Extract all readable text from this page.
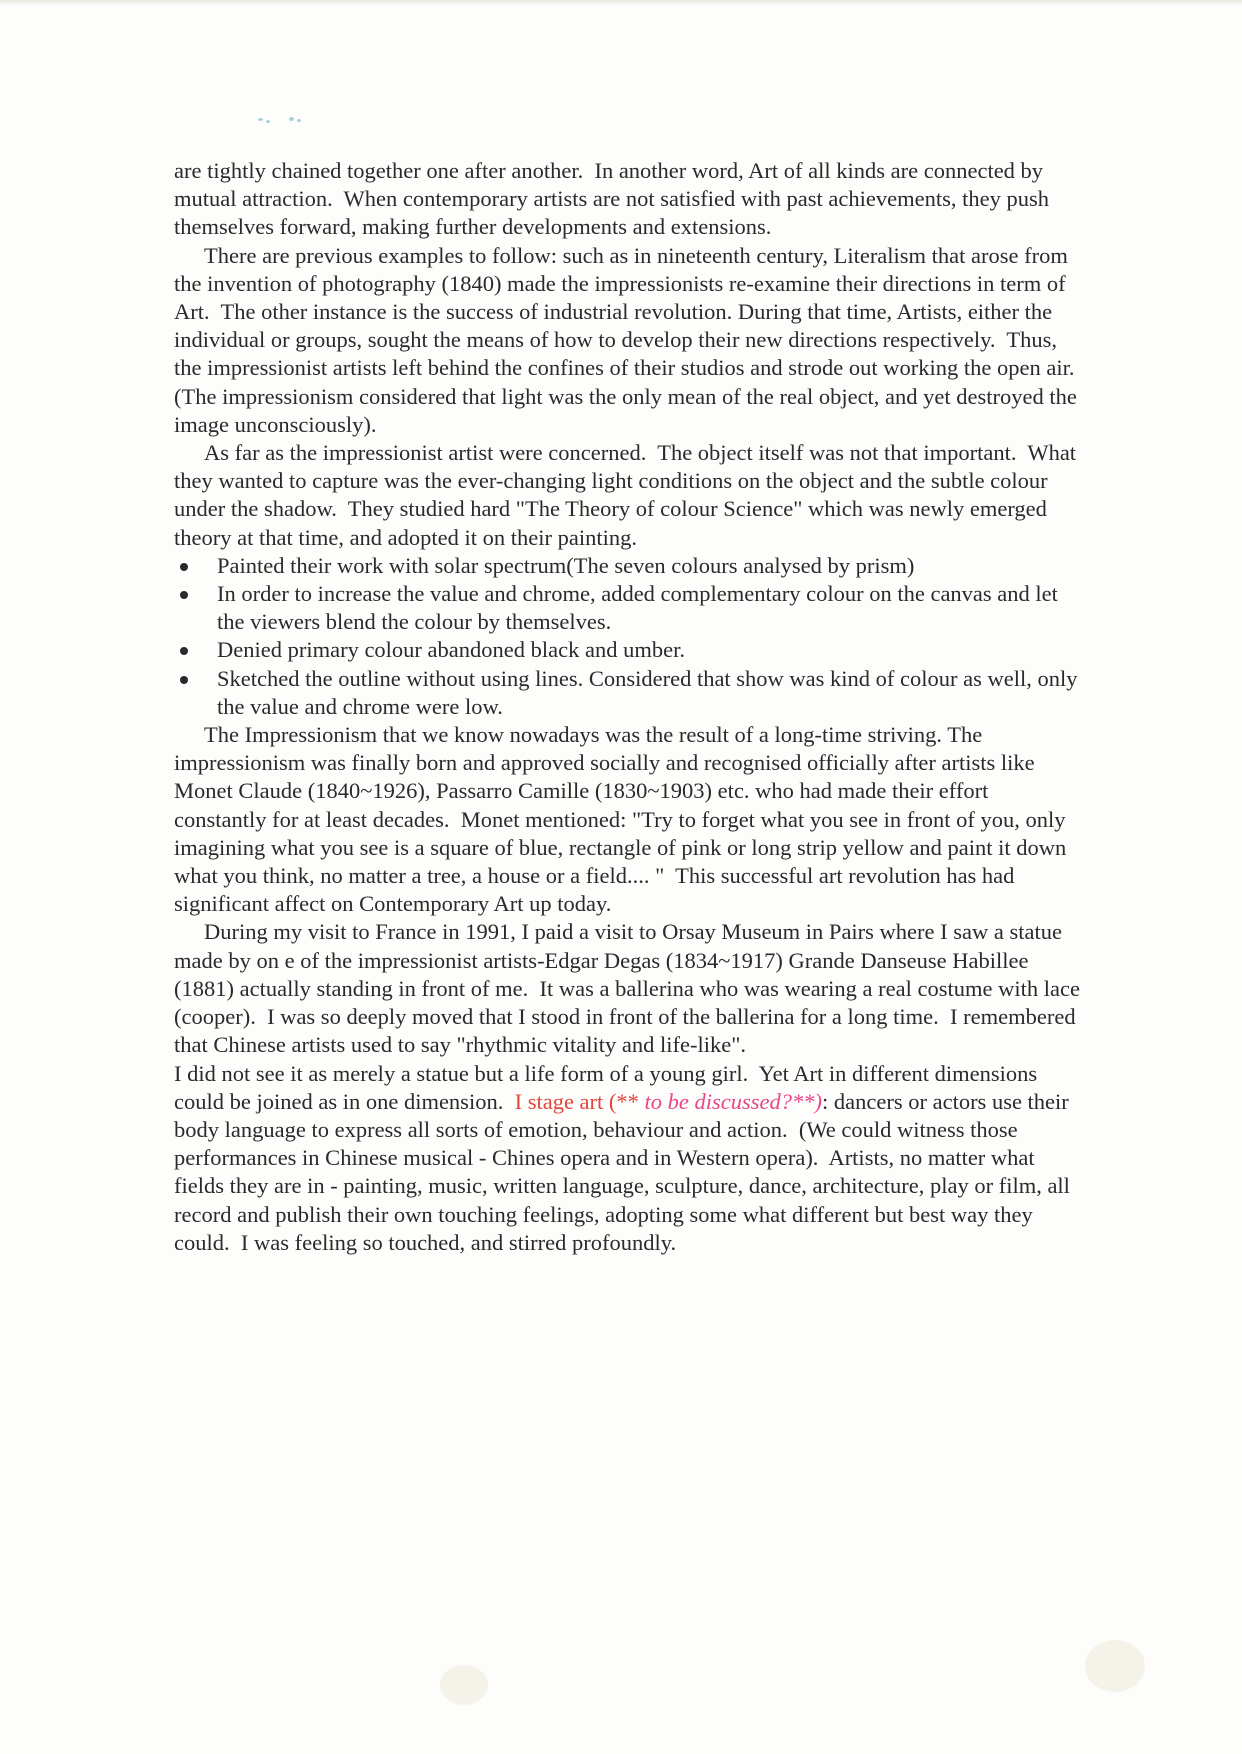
are tightly chained together one after another.  In another word, Art of all kinds are connected by mutual attraction.  When contemporary artists are not satisfied with past achievements, they push themselves forward, making further developments and extensions.

There are previous examples to follow: such as in nineteenth century, Literalism that arose from the invention of photography (1840) made the impressionists re-examine their directions in term of Art.  The other instance is the success of industrial revolution. During that time, Artists, either the individual or groups, sought the means of how to develop their new directions respectively.  Thus, the impressionist artists left behind the confines of their studios and strode out working the open air. (The impressionism considered that light was the only mean of the real object, and yet destroyed the image unconsciously).

As far as the impressionist artist were concerned.  The object itself was not that important.  What they wanted to capture was the ever-changing light conditions on the object and the subtle colour under the shadow.  They studied hard "The Theory of colour Science" which was newly emerged theory at that time, and adopted it on their painting.

Painted their work with solar spectrum(The seven colours analysed by prism)
In order to increase the value and chrome, added complementary colour on the canvas and let the viewers blend the colour by themselves.
Denied primary colour abandoned black and umber.
Sketched the outline without using lines. Considered that show was kind of colour as well, only the value and chrome were low.

The Impressionism that we know nowadays was the result of a long-time striving. The impressionism was finally born and approved socially and recognised officially after artists like Monet Claude (1840~1926), Passarro Camille (1830~1903) etc. who had made their effort constantly for at least decades.  Monet mentioned: "Try to forget what you see in front of you, only imagining what you see is a square of blue, rectangle of pink or long strip yellow and paint it down what you think, no matter a tree, a house or a field.... "  This successful art revolution has had significant affect on Contemporary Art up today.

During my visit to France in 1991, I paid a visit to Orsay Museum in Pairs where I saw a statue made by on e of the impressionist artists-Edgar Degas (1834~1917) Grande Danseuse Habillee (1881) actually standing in front of me.  It was a ballerina who was wearing a real costume with lace (cooper).  I was so deeply moved that I stood in front of the ballerina for a long time.  I remembered that Chinese artists used to say "rhythmic vitality and life-like".

I did not see it as merely a statue but a life form of a young girl.  Yet Art in different dimensions could be joined as in one dimension.  I stage art (** to be discussed?**): dancers or actors use their body language to express all sorts of emotion, behaviour and action.  (We could witness those performances in Chinese musical - Chines opera and in Western opera).  Artists, no matter what fields they are in - painting, music, written language, sculpture, dance, architecture, play or film, all record and publish their own touching feelings, adopting some what different but best way they could.  I was feeling so touched, and stirred profoundly.
